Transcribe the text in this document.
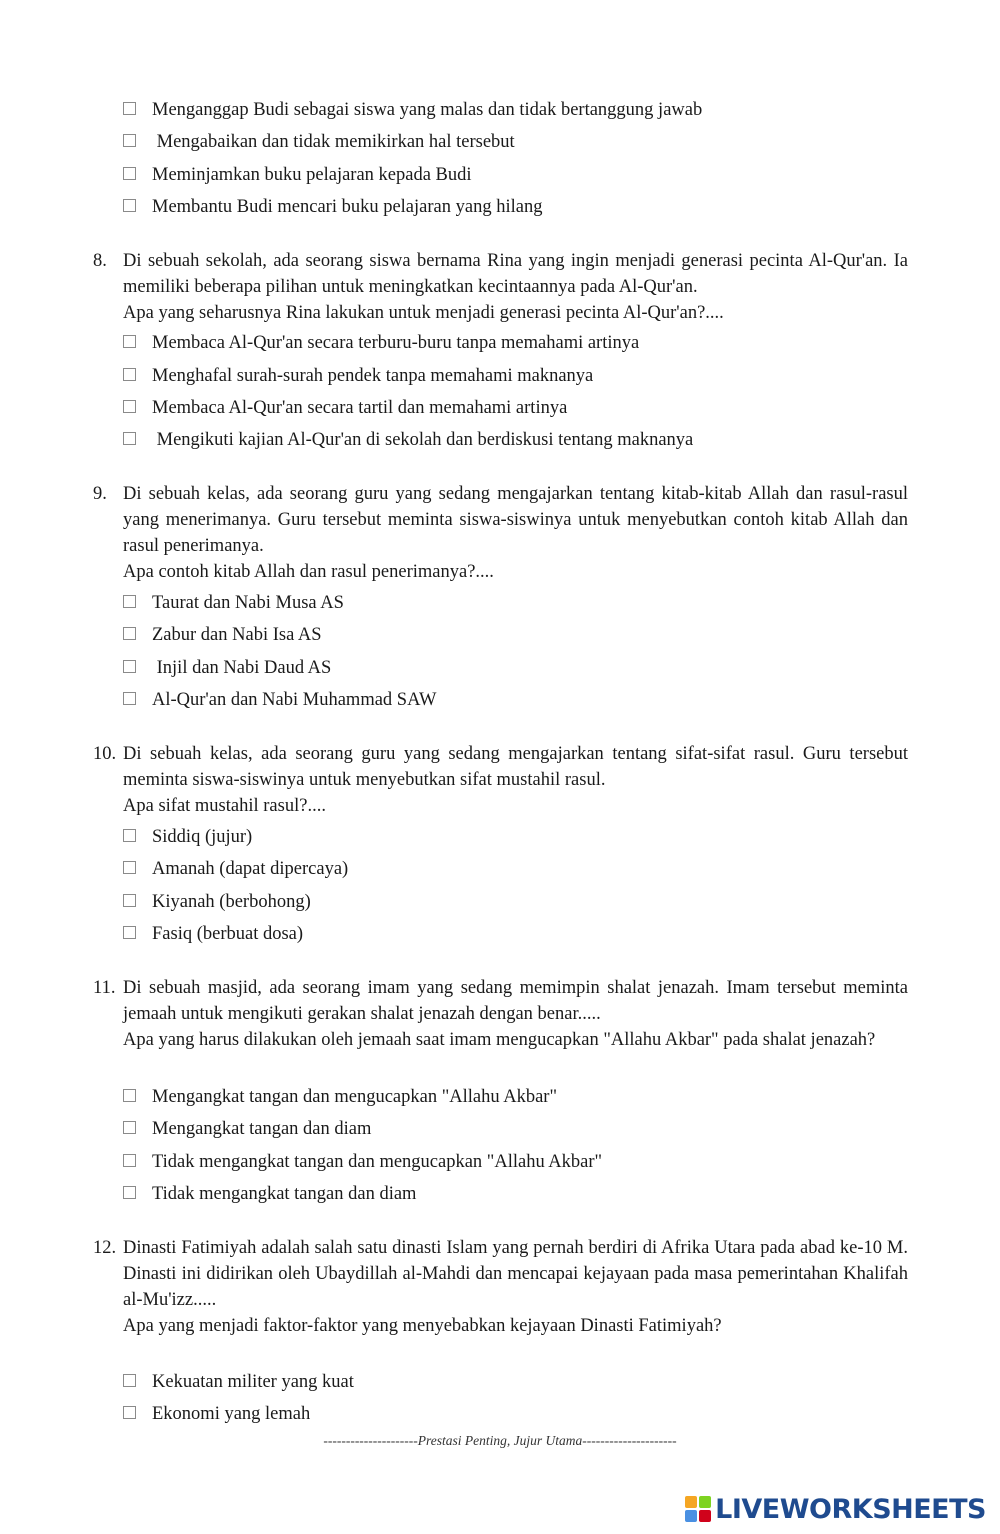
Menganggap Budi sebagai siswa yang malas dan tidak bertanggung jawab
Mengabaikan dan tidak memikirkan hal tersebut
Meminjamkan buku pelajaran kepada Budi
Membantu Budi mencari buku pelajaran yang hilang
8. Di sebuah sekolah, ada seorang siswa bernama Rina yang ingin menjadi generasi pecinta Al-Qur'an. Ia memiliki beberapa pilihan untuk meningkatkan kecintaannya pada Al-Qur'an.

Apa yang seharusnya Rina lakukan untuk menjadi generasi pecinta Al-Qur'an?....

Membaca Al-Qur'an secara terburu-buru tanpa memahami artinya
Menghafal surah-surah pendek tanpa memahami maknanya
Membaca Al-Qur'an secara tartil dan memahami artinya
Mengikuti kajian Al-Qur'an di sekolah dan berdiskusi tentang maknanya
9. Di sebuah kelas, ada seorang guru yang sedang mengajarkan tentang kitab-kitab Allah dan rasul-rasul yang menerimanya. Guru tersebut meminta siswa-siswinya untuk menyebutkan contoh kitab Allah dan rasul penerimanya.

Apa contoh kitab Allah dan rasul penerimanya?....

Taurat dan Nabi Musa AS
Zabur dan Nabi Isa AS
Injil dan Nabi Daud AS
Al-Qur'an dan Nabi Muhammad SAW
10. Di sebuah kelas, ada seorang guru yang sedang mengajarkan tentang sifat-sifat rasul. Guru tersebut meminta siswa-siswinya untuk menyebutkan sifat mustahil rasul.

Apa sifat mustahil rasul?....

Siddiq (jujur)
Amanah (dapat dipercaya)
Kiyanah (berbohong)
Fasiq (berbuat dosa)
11. Di sebuah masjid, ada seorang imam yang sedang memimpin shalat jenazah. Imam tersebut meminta jemaah untuk mengikuti gerakan shalat jenazah dengan benar.....

Apa yang harus dilakukan oleh jemaah saat imam mengucapkan "Allahu Akbar" pada shalat jenazah?

Mengangkat tangan dan mengucapkan "Allahu Akbar"
Mengangkat tangan dan diam
Tidak mengangkat tangan dan mengucapkan "Allahu Akbar"
Tidak mengangkat tangan dan diam
12. Dinasti Fatimiyah adalah salah satu dinasti Islam yang pernah berdiri di Afrika Utara pada abad ke-10 M. Dinasti ini didirikan oleh Ubaydillah al-Mahdi dan mencapai kejayaan pada masa pemerintahan Khalifah al-Mu'izz.....

Apa yang menjadi faktor-faktor yang menyebabkan kejayaan Dinasti Fatimiyah?

Kekuatan militer yang kuat
Ekonomi yang lemah
---------------------Prestasi Penting, Jujur Utama---------------------
LIVEWORKSHEETS
